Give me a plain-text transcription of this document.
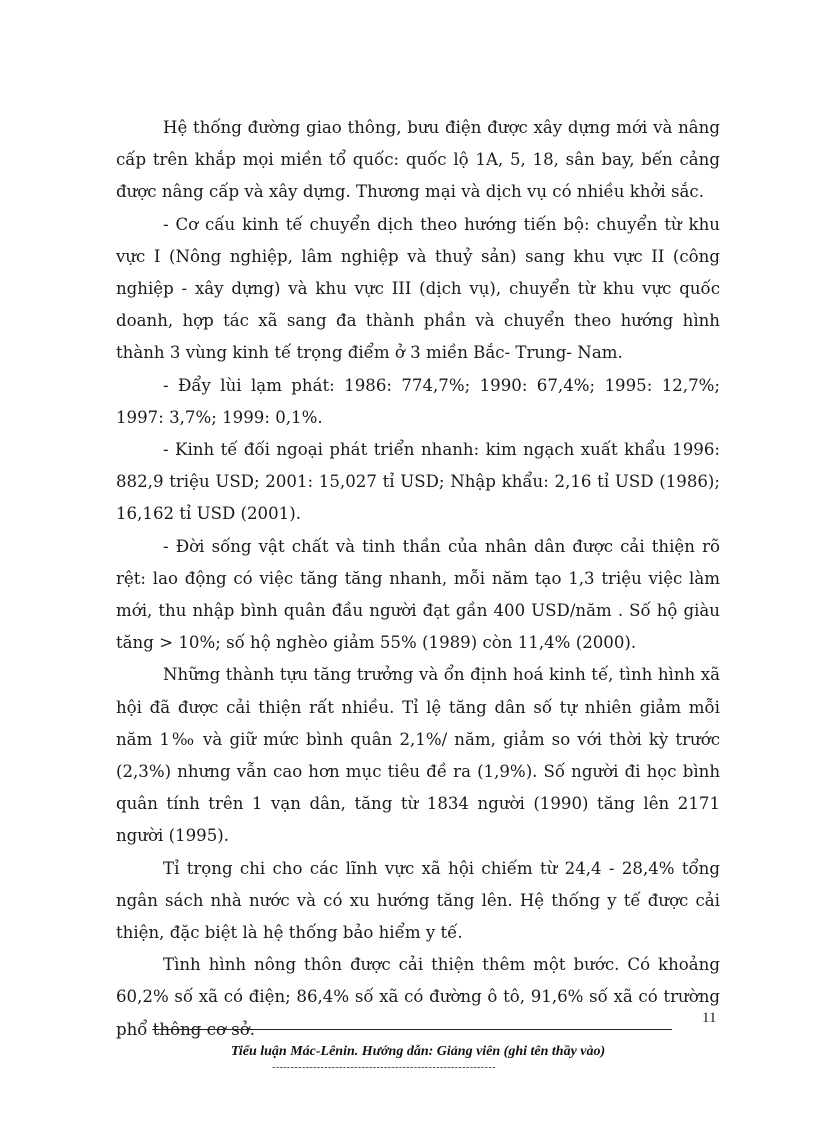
Hệ thống đường giao thông, bưu điện được xây dựng mới và nâng cấp trên khắp mọi miền tổ quốc: quốc lộ 1A, 5, 18, sân bay, bến cảng được nâng cấp và xây dựng. Thương mại và dịch vụ có nhiều khởi sắc.

- Cơ cấu kinh tế chuyển dịch theo hướng tiến bộ: chuyển từ khu vực I (Nông nghiệp, lâm nghiệp và thuỷ sản) sang khu vực II (công nghiệp - xây dựng) và khu vực III (dịch vụ), chuyển từ khu vực quốc doanh, hợp tác xã sang đa thành phần và chuyển theo hướng hình thành 3 vùng kinh tế trọng điểm ở 3 miền Bắc- Trung- Nam.

- Đẩy lùi lạm phát: 1986: 774,7%; 1990: 67,4%; 1995: 12,7%; 1997: 3,7%; 1999: 0,1%.

- Kinh tế đối ngoại phát triển nhanh: kim ngạch xuất khẩu 1996: 882,9 triệu USD; 2001: 15,027 tỉ USD; Nhập khẩu: 2,16 tỉ USD (1986); 16,162 tỉ USD (2001).

- Đời sống vật chất và tinh thần của nhân dân được cải thiện rõ rệt: lao động có việc tăng tăng nhanh, mỗi năm tạo 1,3 triệu việc làm mới, thu nhập bình quân đầu người đạt gần 400 USD/năm . Số hộ giàu tăng > 10%; số hộ nghèo giảm 55% (1989) còn 11,4% (2000).

Những thành tựu tăng trưởng và ổn định hoá kinh tế, tình hình xã hội đã được cải thiện rất nhiều. Tỉ lệ tăng dân số tự nhiên giảm mỗi năm 1‰ và giữ mức bình quân 2,1%/ năm, giảm so với thời kỳ trước (2,3%) nhưng vẫn cao hơn mục tiêu đề ra (1,9%). Số người đi học bình quân tính trên 1 vạn dân, tăng từ 1834 người (1990) tăng lên 2171 người (1995).

Tỉ trọng chi cho các lĩnh vực xã hội chiếm từ 24,4 - 28,4% tổng ngân sách nhà nước và có xu hướng tăng lên. Hệ thống y tế được cải thiện, đặc biệt là hệ thống bảo hiểm y tế.

Tình hình nông thôn được cải thiện thêm một bước. Có khoảng 60,2% số xã có điện; 86,4% số xã có đường ô tô, 91,6% số xã có trường phổ thông cơ sở.

11
Tiểu luận Mác-Lênin. Hướng dẫn: Giảng viên (ghi tên thầy vào)
------------------------------------------------------------
